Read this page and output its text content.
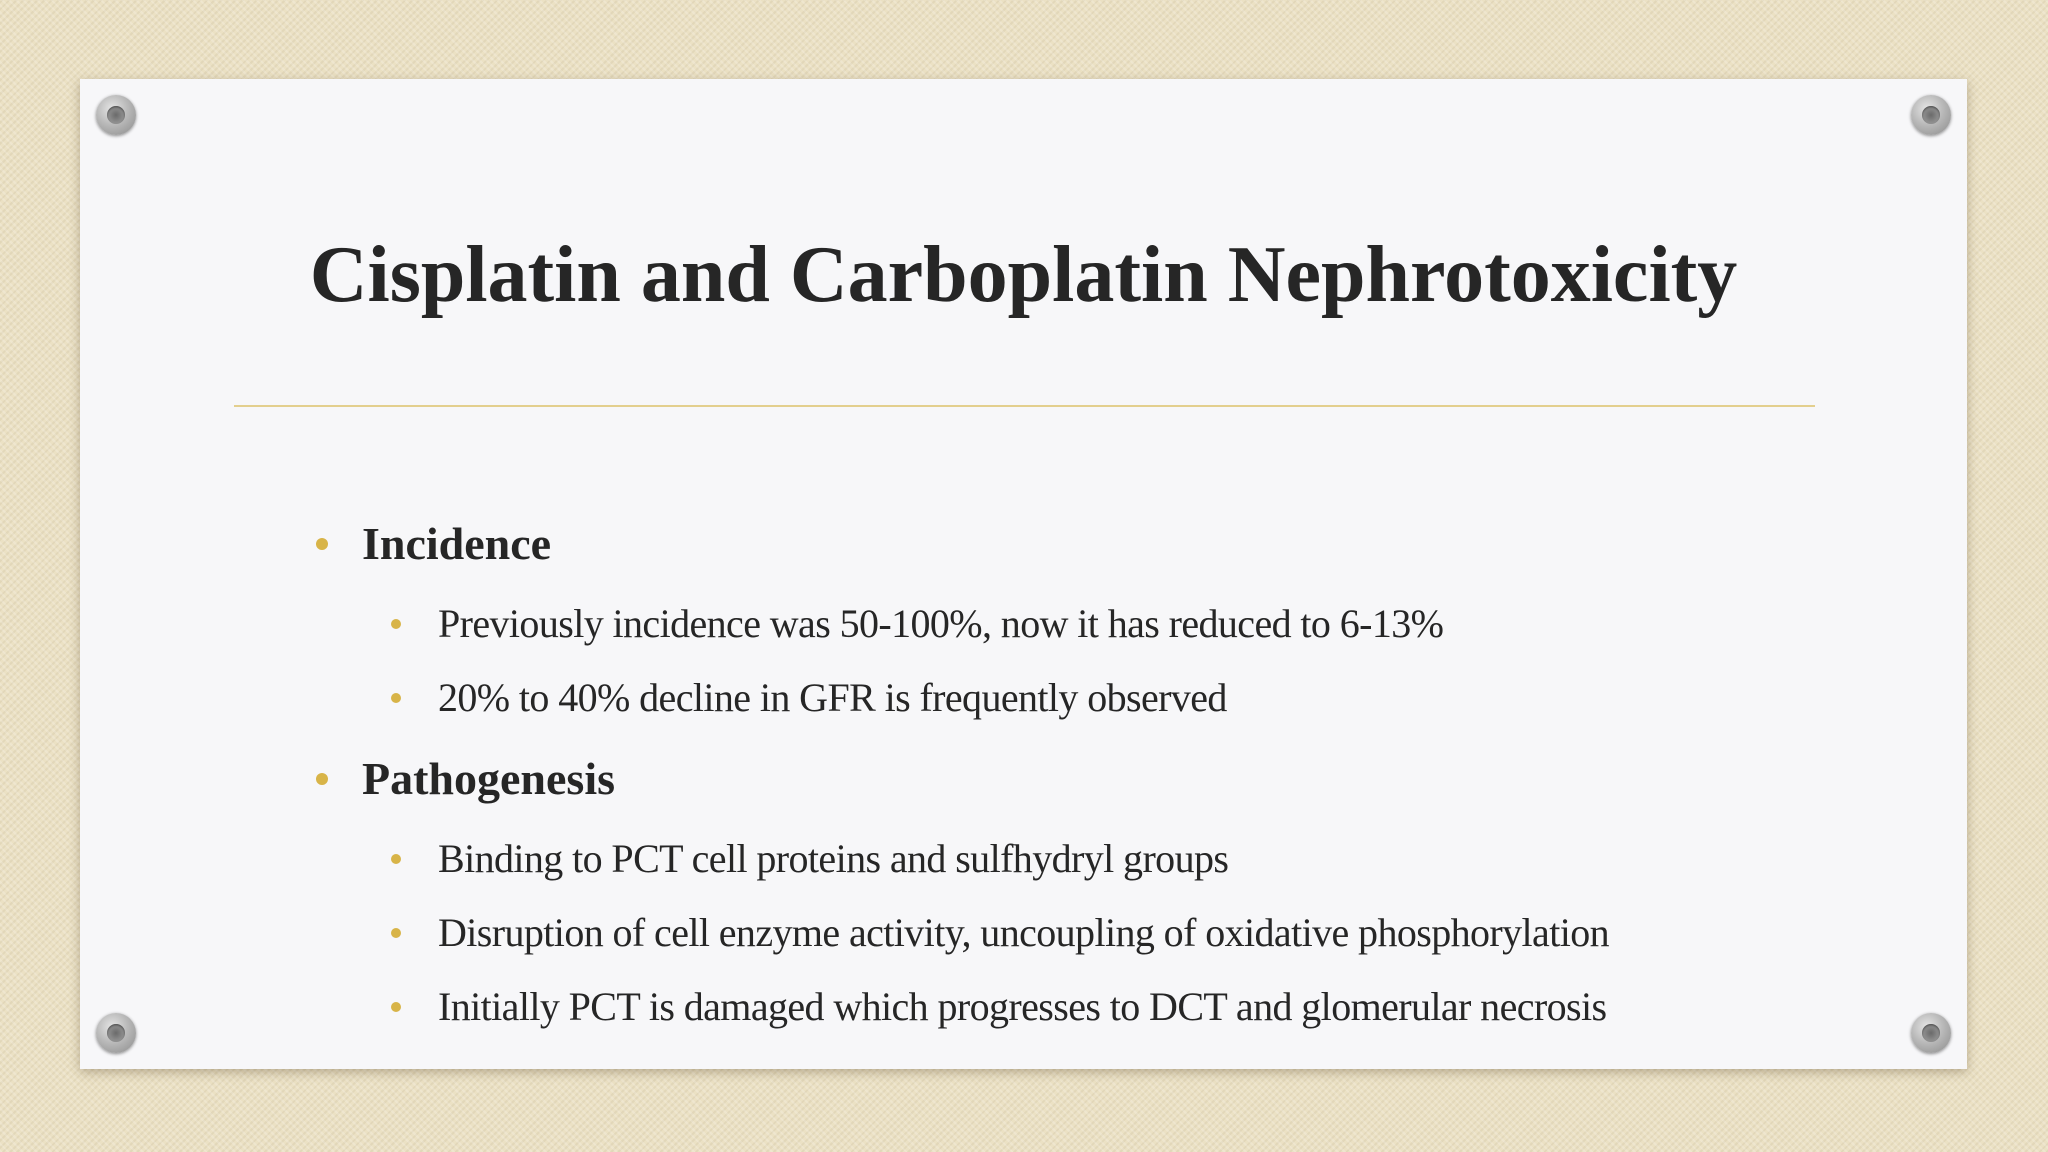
Cisplatin and Carboplatin Nephrotoxicity
Incidence
Previously incidence was 50-100%, now it has reduced to 6-13%
20% to 40% decline in GFR is frequently observed
Pathogenesis
Binding to PCT cell proteins and sulfhydryl groups
Disruption of cell enzyme activity, uncoupling of oxidative phosphorylation
Initially PCT is damaged which progresses to DCT and glomerular necrosis
